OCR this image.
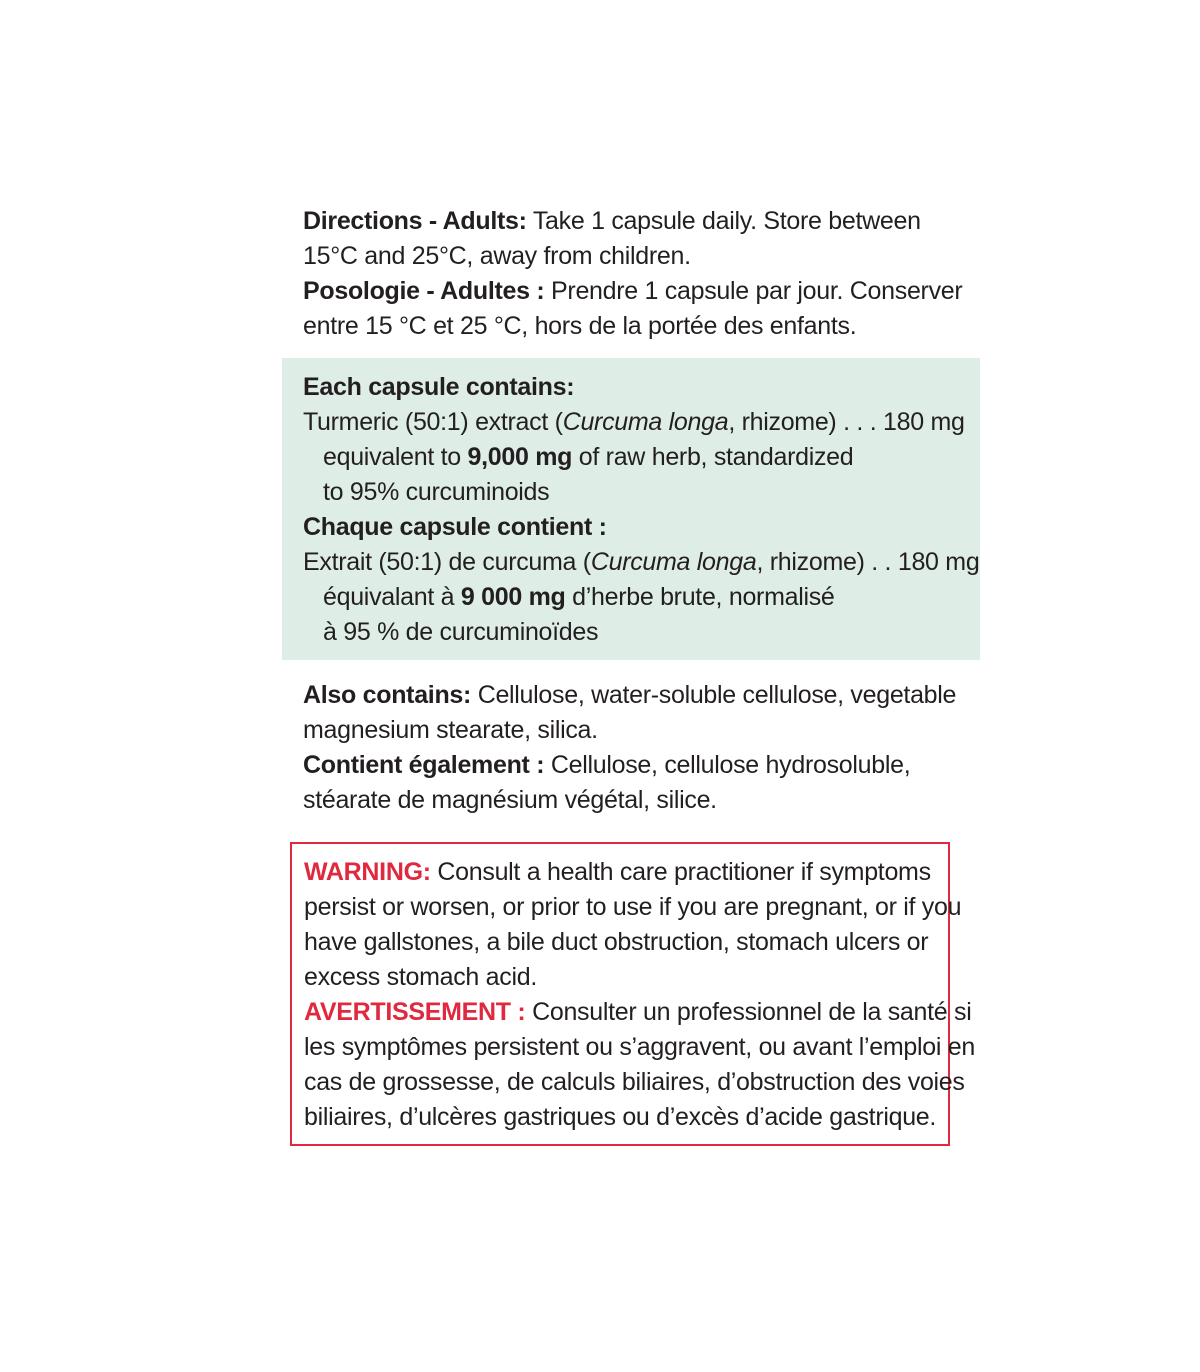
Directions - Adults: Take 1 capsule daily. Store between
15°C and 25°C, away from children.
Posologie - Adultes : Prendre 1 capsule par jour. Conserver
entre 15 °C et 25 °C, hors de la portée des enfants.
Each capsule contains:
Turmeric (50:1) extract (Curcuma longa, rhizome) . . . 180 mg
equivalent to 9,000 mg of raw herb, standardized
to 95% curcuminoids
Chaque capsule contient :
Extrait (50:1) de curcuma (Curcuma longa, rhizome) . . 180 mg
équivalant à 9 000 mg d’herbe brute, normalisé
à 95 % de curcuminoïdes
Also contains: Cellulose, water-soluble cellulose, vegetable
magnesium stearate, silica.
Contient également : Cellulose, cellulose hydrosoluble,
stéarate de magnésium végétal, silice.
WARNING: Consult a health care practitioner if symptoms
persist or worsen, or prior to use if you are pregnant, or if you
have gallstones, a bile duct obstruction, stomach ulcers or
excess stomach acid.
AVERTISSEMENT : Consulter un professionnel de la santé si
les symptômes persistent ou s’aggravent, ou avant l’emploi en
cas de grossesse, de calculs biliaires, d’obstruction des voies
biliaires, d’ulcères gastriques ou d’excès d’acide gastrique.
